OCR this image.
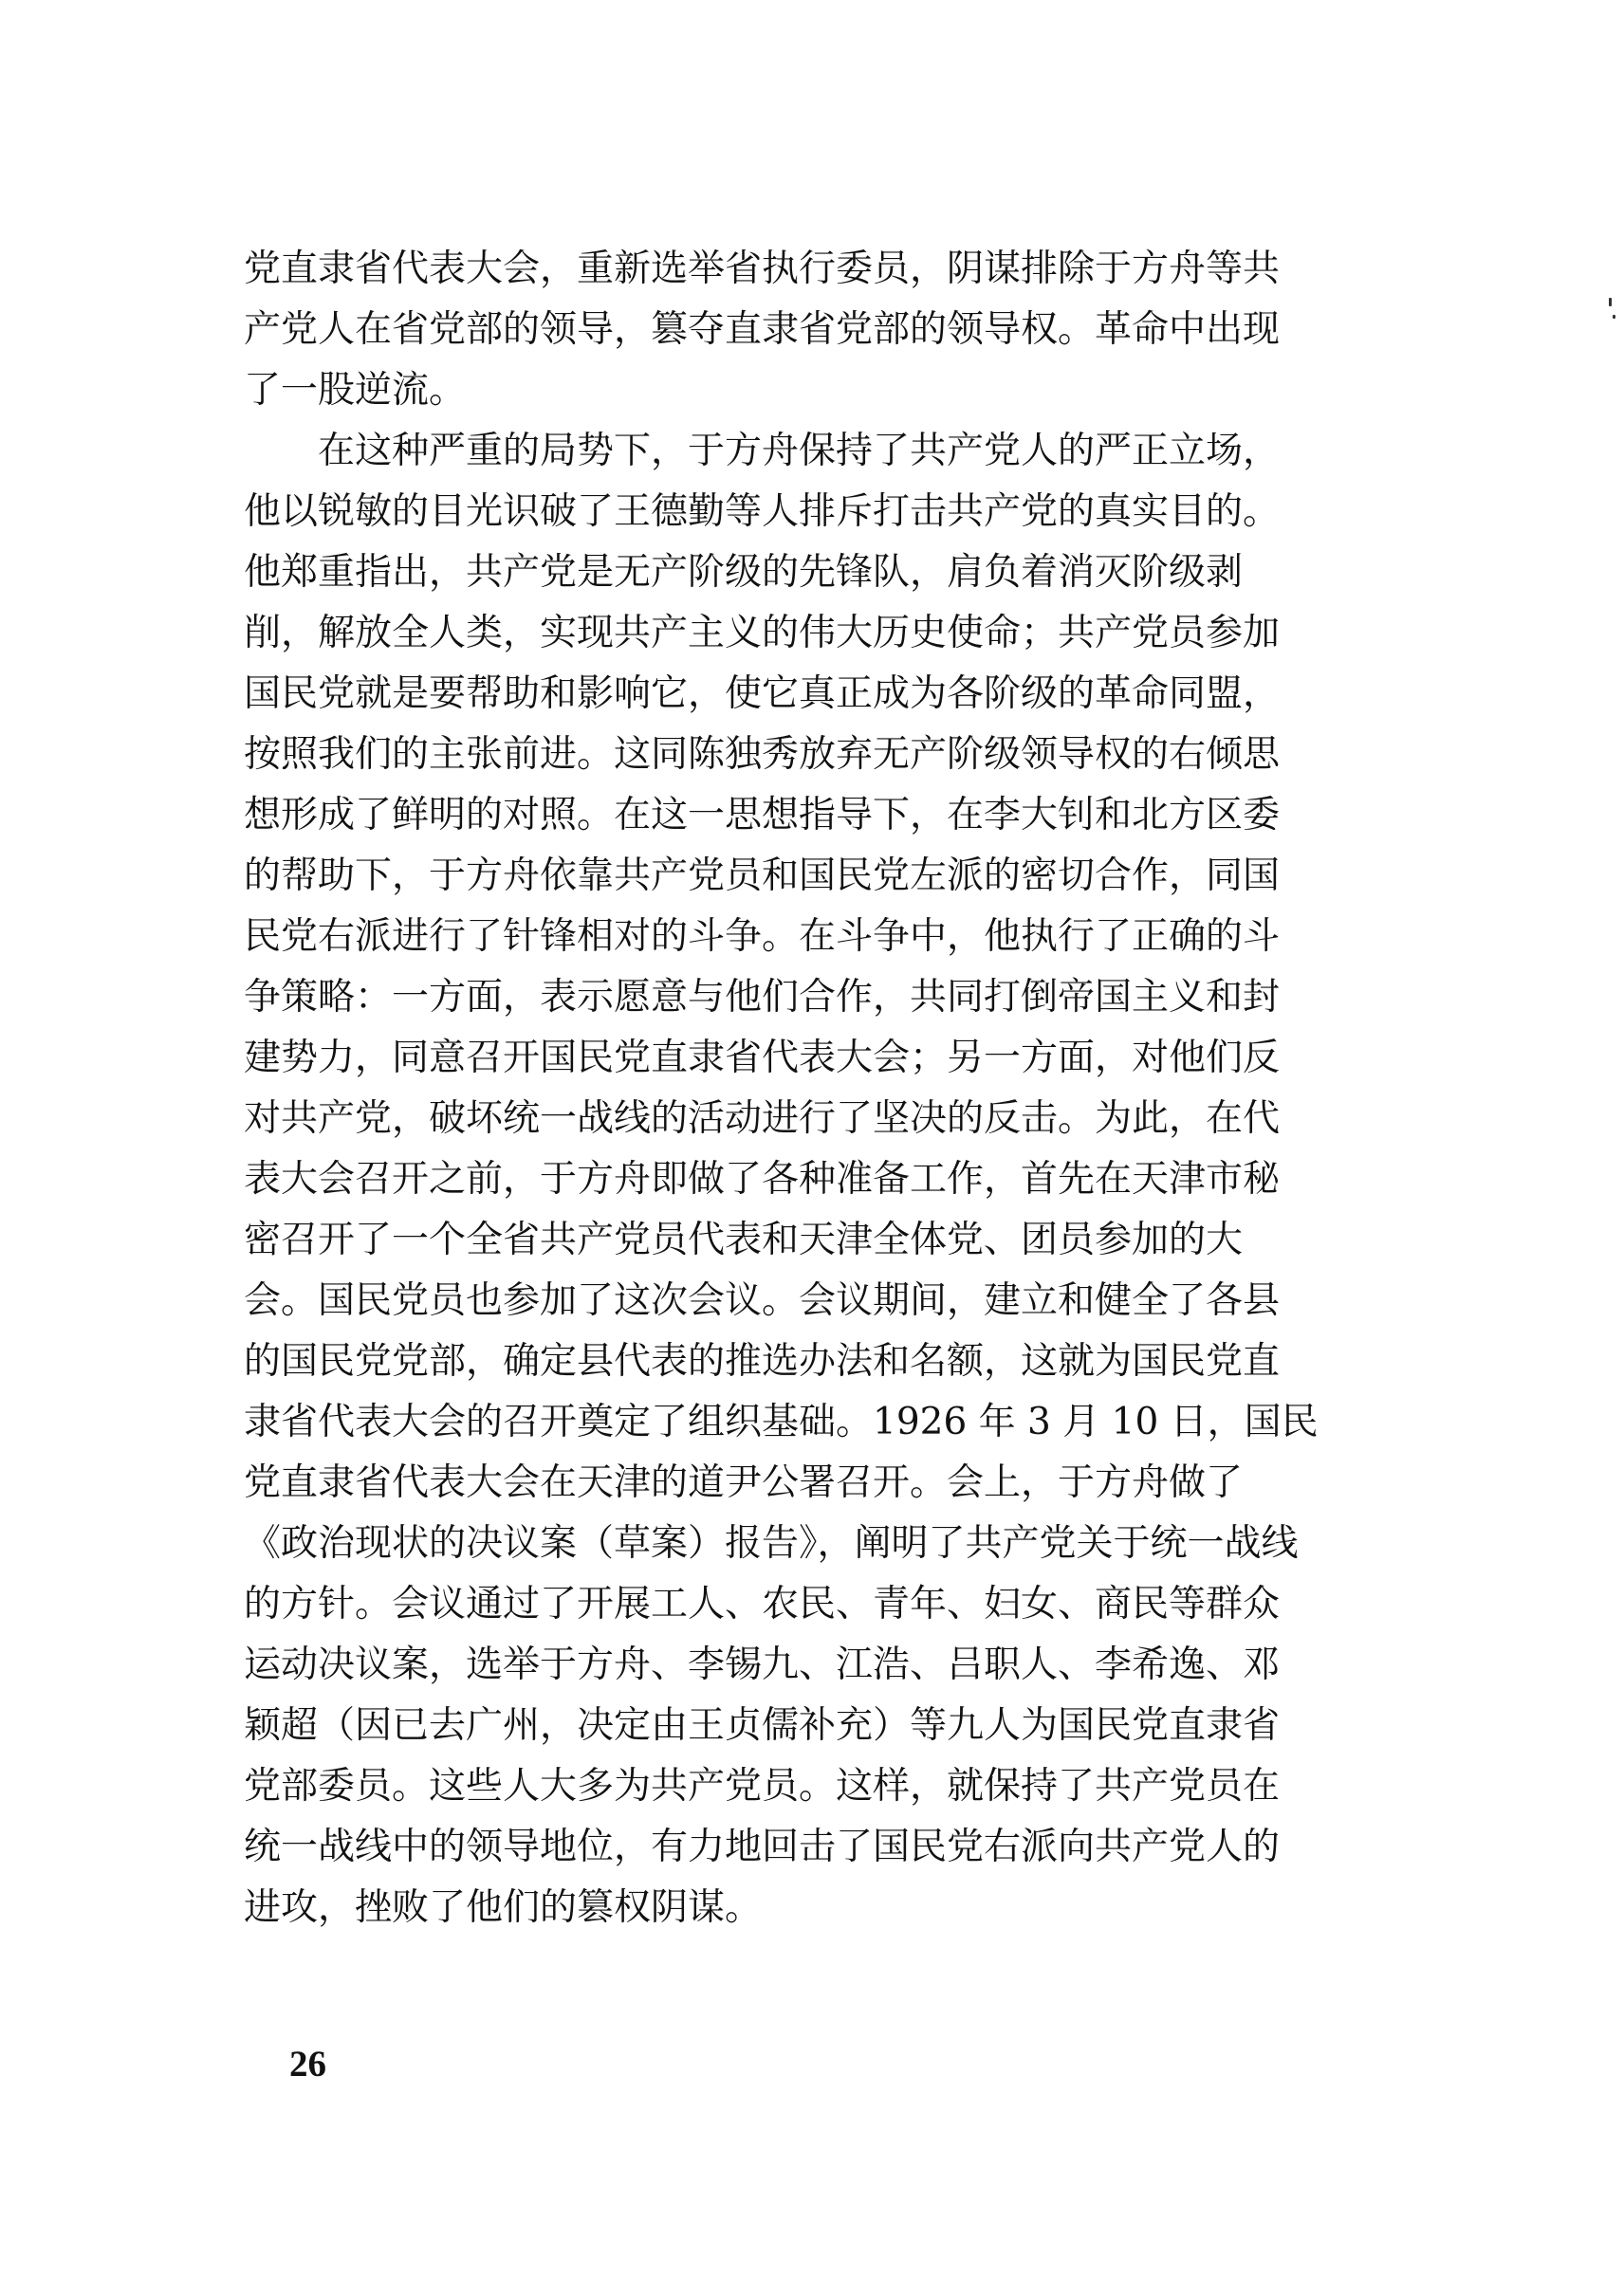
党直隶省代表大会，重新选举省执行委员，阴谋排除于方舟等共
产党人在省党部的领导，篡夺直隶省党部的领导权。革命中出现
了一股逆流。
　　在这种严重的局势下，于方舟保持了共产党人的严正立场，
他以锐敏的目光识破了王德勤等人排斥打击共产党的真实目的。
他郑重指出，共产党是无产阶级的先锋队，肩负着消灭阶级剥
削，解放全人类，实现共产主义的伟大历史使命；共产党员参加
国民党就是要帮助和影响它，使它真正成为各阶级的革命同盟，
按照我们的主张前进。这同陈独秀放弃无产阶级领导权的右倾思
想形成了鲜明的对照。在这一思想指导下，在李大钊和北方区委
的帮助下，于方舟依靠共产党员和国民党左派的密切合作，同国
民党右派进行了针锋相对的斗争。在斗争中，他执行了正确的斗
争策略：一方面，表示愿意与他们合作，共同打倒帝国主义和封
建势力，同意召开国民党直隶省代表大会；另一方面，对他们反
对共产党，破坏统一战线的活动进行了坚决的反击。为此，在代
表大会召开之前，于方舟即做了各种准备工作，首先在天津市秘
密召开了一个全省共产党员代表和天津全体党、团员参加的大
会。国民党员也参加了这次会议。会议期间，建立和健全了各县
的国民党党部，确定县代表的推选办法和名额，这就为国民党直
隶省代表大会的召开奠定了组织基础。1926 年 3 月 10 日，国民
党直隶省代表大会在天津的道尹公署召开。会上，于方舟做了
《政治现状的决议案（草案）报告》，阐明了共产党关于统一战线
的方针。会议通过了开展工人、农民、青年、妇女、商民等群众
运动决议案，选举于方舟、李锡九、江浩、吕职人、李希逸、邓
颖超（因已去广州，决定由王贞儒补充）等九人为国民党直隶省
党部委员。这些人大多为共产党员。这样，就保持了共产党员在
统一战线中的领导地位，有力地回击了国民党右派向共产党人的
进攻，挫败了他们的篡权阴谋。
26
